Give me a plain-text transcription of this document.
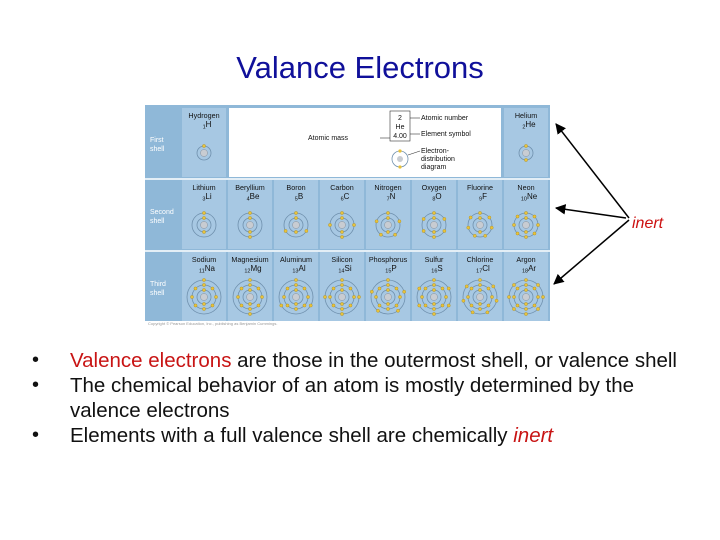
Valance Electrons
First
shell
Second
shell
Third
shell
Hydrogen
1H
Helium
2He
Lithium
3Li
Beryllium
4Be
Boron
5B
Carbon
6C
Nitrogen
7N
Oxygen
8O
Fluorine
9F
Neon
10Ne
Sodium
11Na
Magnesium
12Mg
Aluminum
13Al
Silicon
14Si
Phosphorus
15P
Sulfur
16S
Chlorine
17Cl
Argon
18Ar
2
He
4.00
Atomic number
Element symbol
Atomic mass
Electron-distribution diagram
Copyright © Pearson Education, Inc., publishing as Benjamin Cummings.
inert
• Valence electrons are those in the outermost shell, or valence shell
• The chemical behavior of an atom is mostly determined by the valence electrons
• Elements with a full valence shell are chemically inert
